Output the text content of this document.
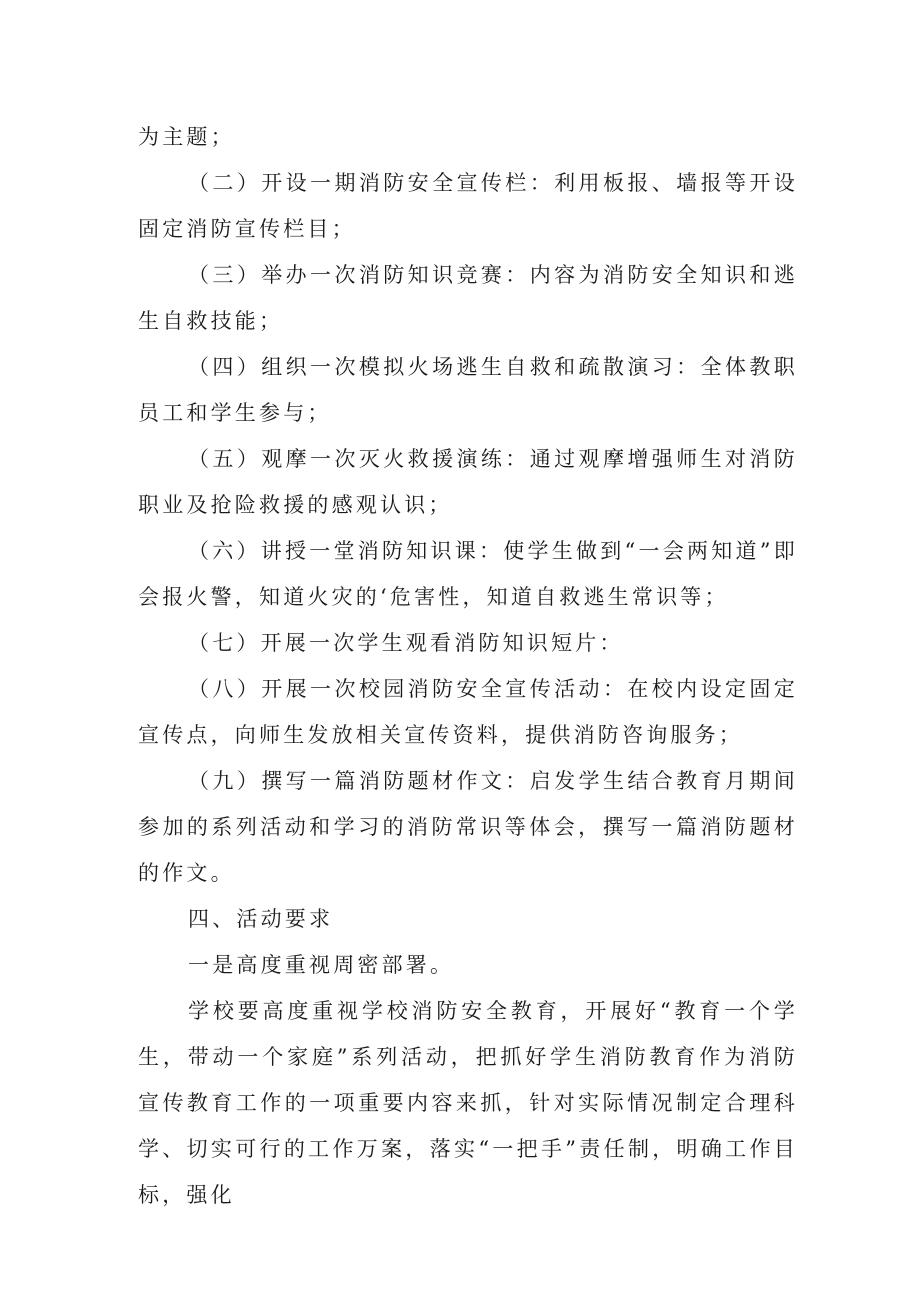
为主题；

（二）开设一期消防安全宣传栏：利用板报、墙报等开设固定消防宣传栏目；

（三）举办一次消防知识竞赛：内容为消防安全知识和逃生自救技能；

（四）组织一次模拟火场逃生自救和疏散演习：全体教职员工和学生参与；

（五）观摩一次灭火救援演练：通过观摩增强师生对消防职业及抢险救援的感观认识；

（六）讲授一堂消防知识课：使学生做到“一会两知道”即会报火警，知道火灾的‘危害性，知道自救逃生常识等；

（七）开展一次学生观看消防知识短片：

（八）开展一次校园消防安全宣传活动：在校内设定固定宣传点，向师生发放相关宣传资料，提供消防咨询服务；

（九）撰写一篇消防题材作文：启发学生结合教育月期间参加的系列活动和学习的消防常识等体会，撰写一篇消防题材的作文。

四、活动要求

一是高度重视周密部署。

学校要高度重视学校消防安全教育，开展好“教育一个学生，带动一个家庭”系列活动，把抓好学生消防教育作为消防宣传教育工作的一项重要内容来抓，针对实际情况制定合理科学、切实可行的工作万案，落实“一把手”责任制，明确工作目标，强化
